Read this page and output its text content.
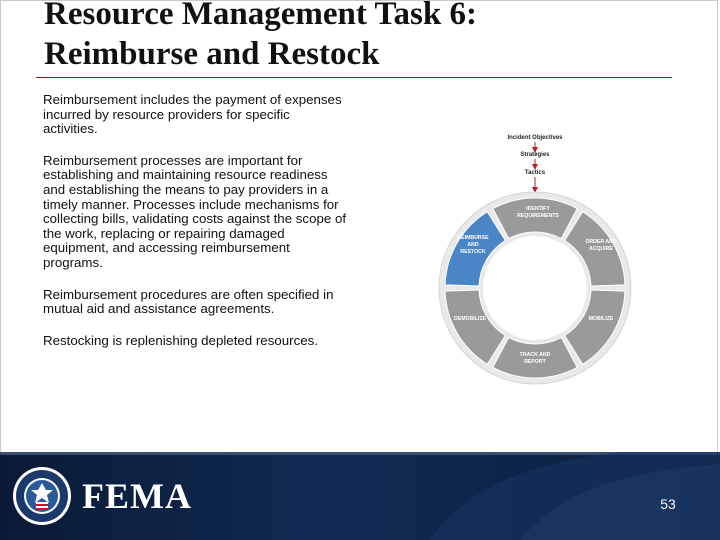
Resource Management Task 6:
Reimburse and Restock

Reimbursement includes the payment of expenses incurred by resource providers for specific activities.

Reimbursement processes are important for establishing and maintaining resource readiness and establishing the means to pay providers in a timely manner. Processes include mechanisms for collecting bills, validating costs against the scope of the work, replacing or repairing damaged equipment, and accessing reimbursement programs.

Reimbursement procedures are often specified in mutual aid and assistance agreements.

Restocking is replenishing depleted resources.

Incident Objectives
Strategies
Tactics
IDENTIFY
REQUIREMENTS
ORDER AND
ACQUIRE
MOBILIZE
TRACK AND
REPORT
DEMOBILIZE
REIMBURSE
AND
RESTOCK
FEMA	53
